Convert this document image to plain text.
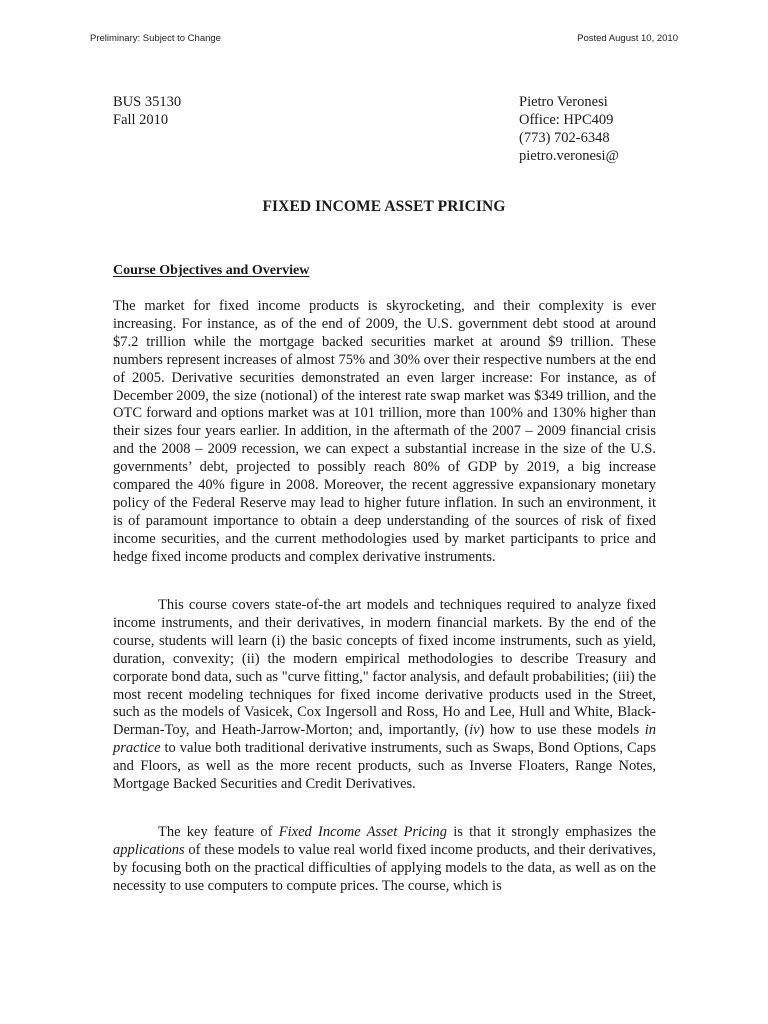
Preliminary: Subject to Change	Posted August 10, 2010
BUS 35130
Fall 2010
Pietro Veronesi
Office: HPC409
(773) 702-6348
pietro.veronesi@
FIXED INCOME ASSET PRICING
Course Objectives and Overview

The market for fixed income products is skyrocketing, and their complexity is ever increasing. For instance, as of the end of 2009, the U.S. government debt stood at around $7.2 trillion while the mortgage backed securities market at around $9 trillion. These numbers represent increases of almost 75% and 30% over their respective numbers at the end of 2005. Derivative securities demonstrated an even larger increase: For instance, as of December 2009, the size (notional) of the interest rate swap market was $349 trillion, and the OTC forward and options market was at 101 trillion, more than 100% and 130% higher than their sizes four years earlier. In addition, in the aftermath of the 2007 – 2009 financial crisis and the 2008 – 2009 recession, we can expect a substantial increase in the size of the U.S. governments’ debt, projected to possibly reach 80% of GDP by 2019, a big increase compared the 40% figure in 2008. Moreover, the recent aggressive expansionary monetary policy of the Federal Reserve may lead to higher future inflation. In such an environment, it is of paramount importance to obtain a deep understanding of the sources of risk of fixed income securities, and the current methodologies used by market participants to price and hedge fixed income products and complex derivative instruments.

This course covers state-of-the art models and techniques required to analyze fixed income instruments, and their derivatives, in modern financial markets. By the end of the course, students will learn (i) the basic concepts of fixed income instruments, such as yield, duration, convexity; (ii) the modern empirical methodologies to describe Treasury and corporate bond data, such as "curve fitting," factor analysis, and default probabilities; (iii) the most recent modeling techniques for fixed income derivative products used in the Street, such as the models of Vasicek, Cox Ingersoll and Ross, Ho and Lee, Hull and White, Black-Derman-Toy, and Heath-Jarrow-Morton; and, importantly, (iv) how to use these models in practice to value both traditional derivative instruments, such as Swaps, Bond Options, Caps and Floors, as well as the more recent products, such as Inverse Floaters, Range Notes, Mortgage Backed Securities and Credit Derivatives.

The key feature of Fixed Income Asset Pricing is that it strongly emphasizes the applications of these models to value real world fixed income products, and their derivatives, by focusing both on the practical difficulties of applying models to the data, as well as on the necessity to use computers to compute prices. The course, which is
